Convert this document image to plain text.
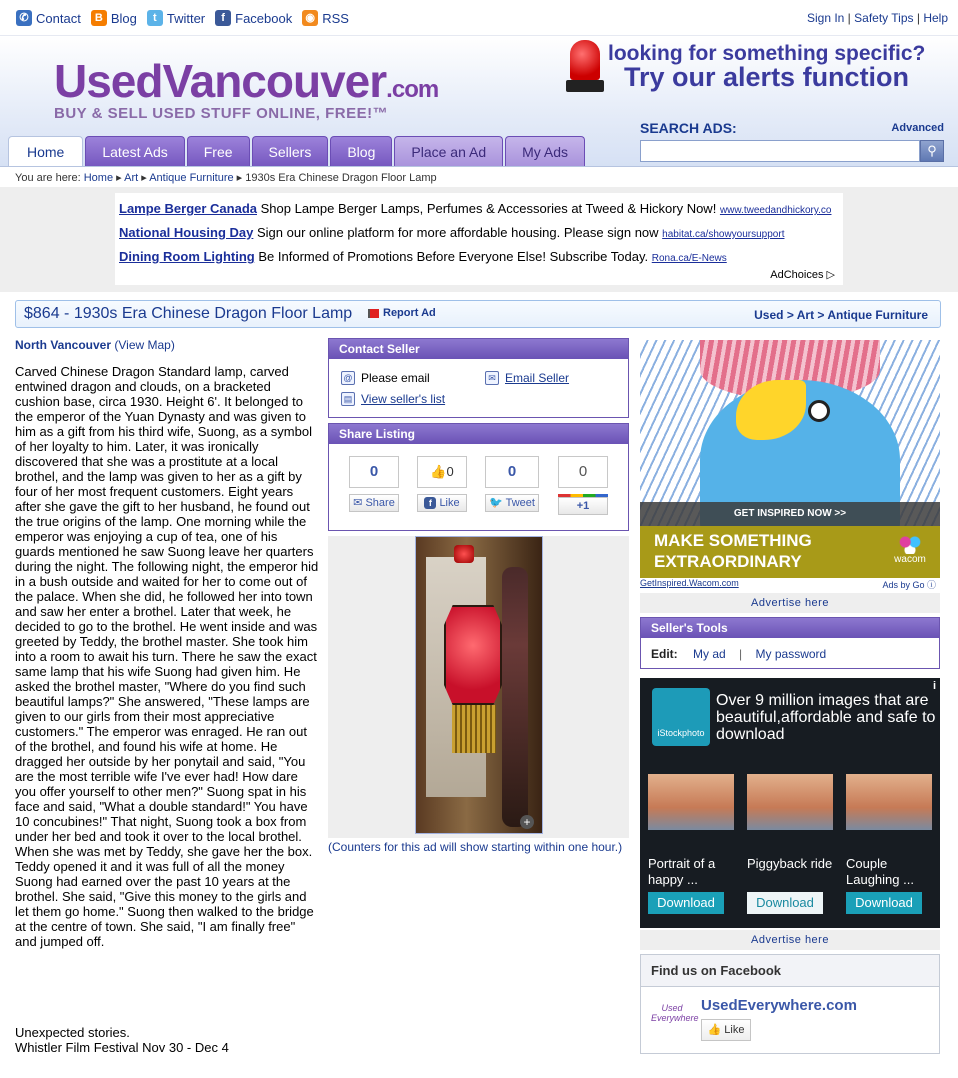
✆ Contact	B Blog	t Twitter	f Facebook ◉ RSS	Sign In | Safety Tips | Help
UsedVancouver.com
BUY & SELL USED STUFF ONLINE, FREE!™
looking for something specific?
Try our alerts function
Home	Latest Ads	Free	Sellers	Blog	Place an Ad	My Ads
SEARCH ADS:	Advanced
⚲
You are here: Home ▸ Art ▸ Antique Furniture ▸ 1930s Era Chinese Dragon Floor Lamp
Lampe Berger Canada Shop Lampe Berger Lamps, Perfumes & Accessories at Tweed & Hickory Now! www.tweedandhickory.co
National Housing Day Sign our online platform for more affordable housing. Please sign now habitat.ca/showyoursupport
Dining Room Lighting Be Informed of Promotions Before Everyone Else! Subscribe Today. Rona.ca/E-News
AdChoices ▷
$864 - 1930s Era Chinese Dragon Floor Lamp	Report Ad	Used > Art > Antique Furniture
North Vancouver (View Map)
Carved Chinese Dragon Standard lamp, carved entwined dragon and clouds, on a bracketed cushion base, circa 1930. Height 6'. It belonged to the emperor of the Yuan Dynasty and was given to him as a gift from his third wife, Suong, as a symbol of her loyalty to him. Later, it was ironically discovered that she was a prostitute at a local brothel, and the lamp was given to her as a gift by four of her most frequent customers. Eight years after she gave the gift to her husband, he found out the true origins of the lamp. One morning while the emperor was enjoying a cup of tea, one of his guards mentioned he saw Suong leave her quarters during the night. The following night, the emperor hid in a bush outside and waited for her to come out of the palace. When she did, he followed her into town and saw her enter a brothel. Later that week, he decided to go to the brothel. He went inside and was greeted by Teddy, the brothel master. She took him into a room to await his turn. There he saw the exact same lamp that his wife Suong had given him. He asked the brothel master, "Where do you find such beautiful lamps?" She answered, "These lamps are given to our girls from their most appreciative customers." The emperor was enraged. He ran out of the brothel, and found his wife at home. He dragged her outside by her ponytail and said, "You are the most terrible wife I've ever had! How dare you offer yourself to other men?" Suong spat in his face and said, "What a double standard!" You have 10 concubines!" That night, Suong took a box from under her bed and took it over to the local brothel. When she was met by Teddy, she gave her the box. Teddy opened it and it was full of all the money Suong had earned over the past 10 years at the brothel. She said, "Give this money to the girls and let them go home." Suong then walked to the bridge at the centre of town. She said, "I am finally free" and jumped off.
Unexpected stories.
Whistler Film Festival Nov 30 - Dec 4
Contact Seller
@ Please email	✉ Email Seller
▤ View seller's list
Share Listing
0
✉ Share
👍0
f Like
0
🐦 Tweet
0
+1
+
(Counters for this ad will show starting within one hour.)
GET INSPIRED NOW >>
MAKE SOMETHING
EXTRAORDINARY	wacom
GetInspired.Wacom.com	Ads by Go ⓘ
Advertise here
Seller's Tools
Edit: My ad | My password
iStockphoto
i
Over 9 million images that are beautiful,affordable and safe to download
Portrait of a happy ...
Download
Piggyback ride
Download
Couple Laughing ...
Download
Advertise here
Find us on Facebook
Used Everywhere
UsedEverywhere.com
👍 Like
